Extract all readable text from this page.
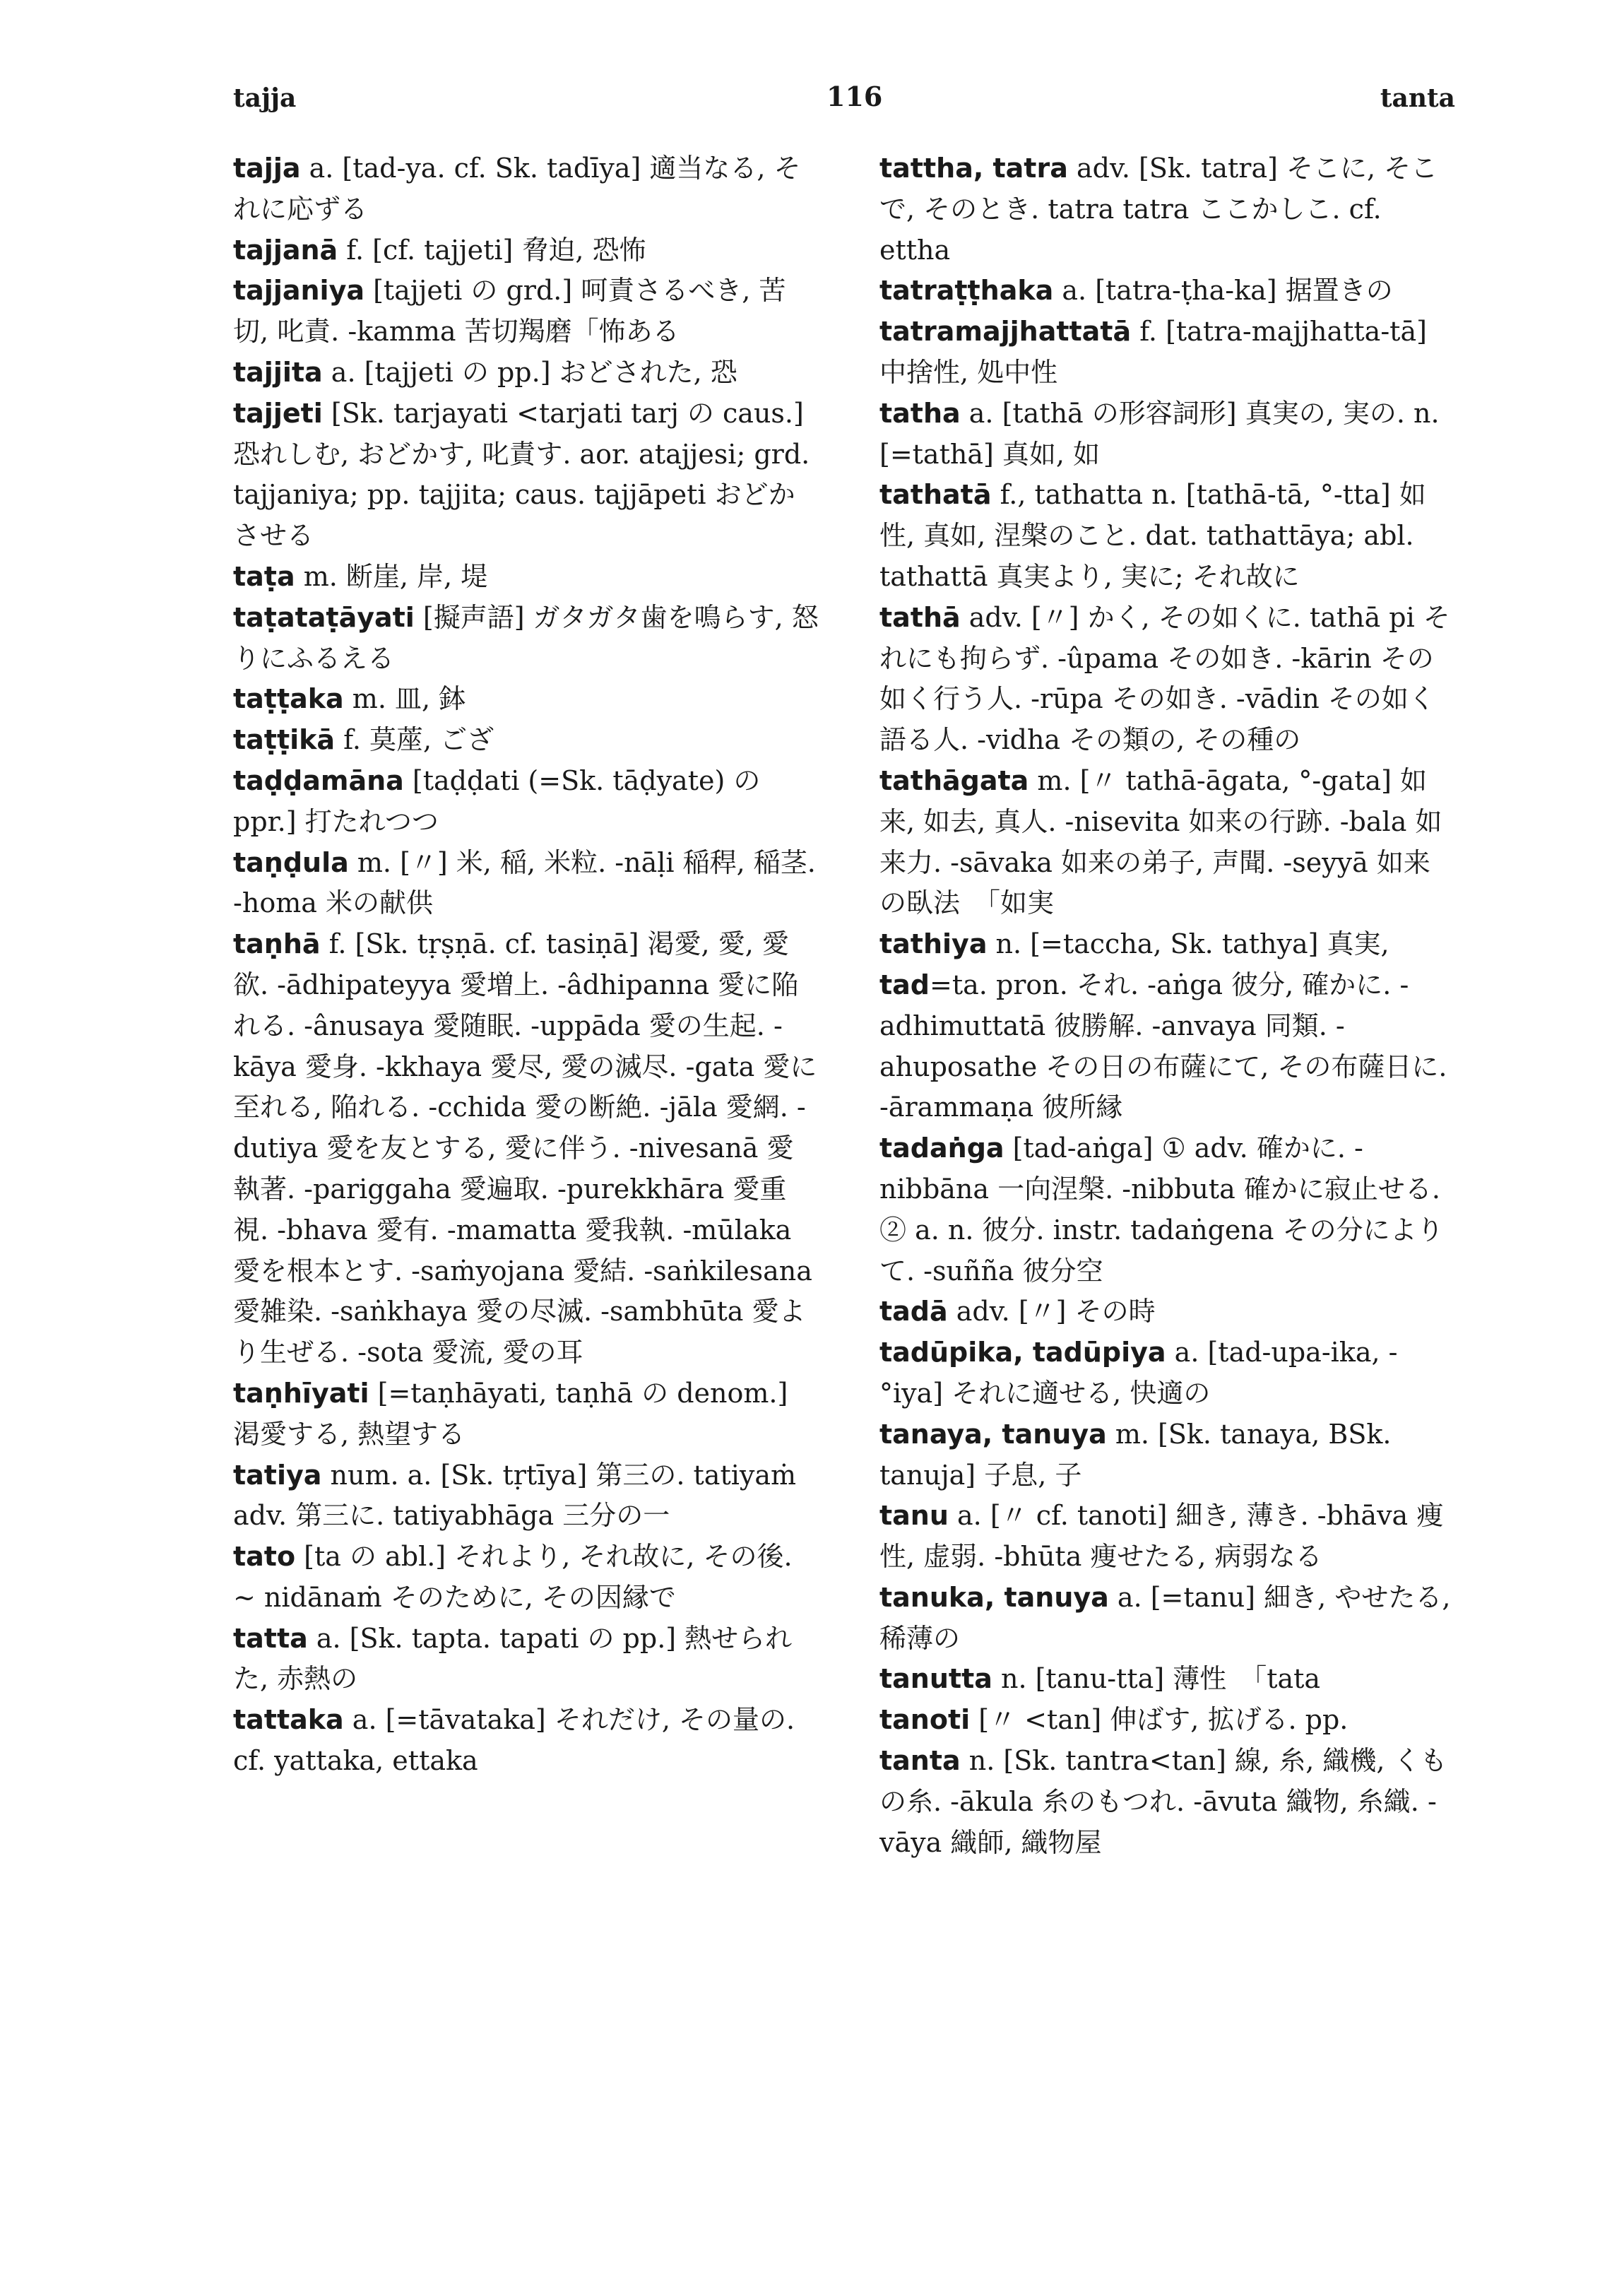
tajja	116	tanta

tajja a. [tad-ya. cf. Sk. tadīya] 適当なる, それに応ずる

tajjanā f. [cf. tajjeti] 脅迫, 恐怖

tajjaniya [tajjeti の grd.] 呵責さるべき, 苦切, 叱責. -kamma 苦切羯磨「怖ある

tajjita a. [tajjeti の pp.] おどされた, 恐

tajjeti [Sk. tarjayati <tarjati tarj の caus.] 恐れしむ, おどかす, 叱責す. aor. atajjesi; grd. tajjaniya; pp. tajjita; caus. tajjāpeti おどかさせる

taṭa m. 断崖, 岸, 堤

taṭataṭāyati [擬声語] ガタガタ歯を鳴らす, 怒りにふるえる

taṭṭaka m. 皿, 鉢

taṭṭikā f. 莫蓙, ござ

taḍḍamāna [taḍḍati (=Sk. tāḍyate) の ppr.] 打たれつつ

taṇḍula m. [〃] 米, 稲, 米粒. -nāḷi 稲稈, 稲茎. -homa 米の献供

taṇhā f. [Sk. tṛṣṇā. cf. tasiṇā] 渇愛, 愛, 愛欲. -ādhipateyya 愛増上. -âdhipanna 愛に陥れる. -ânusaya 愛随眠. -uppāda 愛の生起. -kāya 愛身. -kkhaya 愛尽, 愛の滅尽. -gata 愛に至れる, 陥れる. -cchida 愛の断絶. -jāla 愛網. -dutiya 愛を友とする, 愛に伴う. -nivesanā 愛執著. -pariggaha 愛遍取. -purekkhāra 愛重視. -bhava 愛有. -mamatta 愛我執. -mūlaka 愛を根本とす. -saṁyojana 愛結. -saṅkilesana 愛雑染. -saṅkhaya 愛の尽滅. -sambhūta 愛より生ぜる. -sota 愛流, 愛の耳

taṇhīyati [=taṇhāyati, taṇhā の denom.] 渇愛する, 熱望する

tatiya num. a. [Sk. tṛtīya] 第三の. tatiyaṁ adv. 第三に. tatiyabhāga 三分の一

tato [ta の abl.] それより, それ故に, その後. ~ nidānaṁ そのために, その因縁で

tatta a. [Sk. tapta. tapati の pp.] 熱せられた, 赤熱の

tattaka a. [=tāvataka] それだけ, その量の. cf. yattaka, ettaka

tattha, tatra adv. [Sk. tatra] そこに, そこで, そのとき. tatra tatra ここかしこ. cf. ettha

tatraṭṭhaka a. [tatra-ṭha-ka] 据置きの

tatramajjhattatā f. [tatra-majjhatta-tā] 中捨性, 処中性

tatha a. [tathā の形容詞形] 真実の, 実の. n. [=tathā] 真如, 如

tathatā f., tathatta n. [tathā-tā, °-tta] 如性, 真如, 涅槃のこと. dat. tathattāya; abl. tathattā 真実より, 実に; それ故に

tathā adv. [〃] かく, その如くに. tathā pi それにも拘らず. -ûpama その如き. -kārin その如く行う人. -rūpa その如き. -vādin その如く語る人. -vidha その類の, その種の

tathāgata m. [〃 tathā-āgata, °-gata] 如来, 如去, 真人. -nisevita 如来の行跡. -bala 如来力. -sāvaka 如来の弟子, 声聞. -seyyā 如来の臥法　「如実

tathiya n. [=taccha, Sk. tathya] 真実,

tad=ta. pron. それ. -aṅga 彼分, 確かに. -adhimuttatā 彼勝解. -anvaya 同類. -ahuposathe その日の布薩にて, その布薩日に. -ārammaṇa 彼所縁

tadaṅga [tad-aṅga] ① adv. 確かに. -nibbāna 一向涅槃. -nibbuta 確かに寂止せる. ② a. n. 彼分. instr. tadaṅgena その分によりて. -suñña 彼分空

tadā adv. [〃] その時

tadūpika, tadūpiya a. [tad-upa-ika, -°iya] それに適せる, 快適の

tanaya, tanuya m. [Sk. tanaya, BSk. tanuja] 子息, 子

tanu a. [〃 cf. tanoti] 細き, 薄き. -bhāva 痩性, 虚弱. -bhūta 痩せたる, 病弱なる

tanuka, tanuya a. [=tanu] 細き, やせたる, 稀薄の

tanutta n. [tanu-tta] 薄性　「tata

tanoti [〃 <tan] 伸ばす, 拡げる. pp.

tanta n. [Sk. tantra<tan] 線, 糸, 織機, くもの糸. -ākula 糸のもつれ. -āvuta 織物, 糸織. -vāya 織師, 織物屋
